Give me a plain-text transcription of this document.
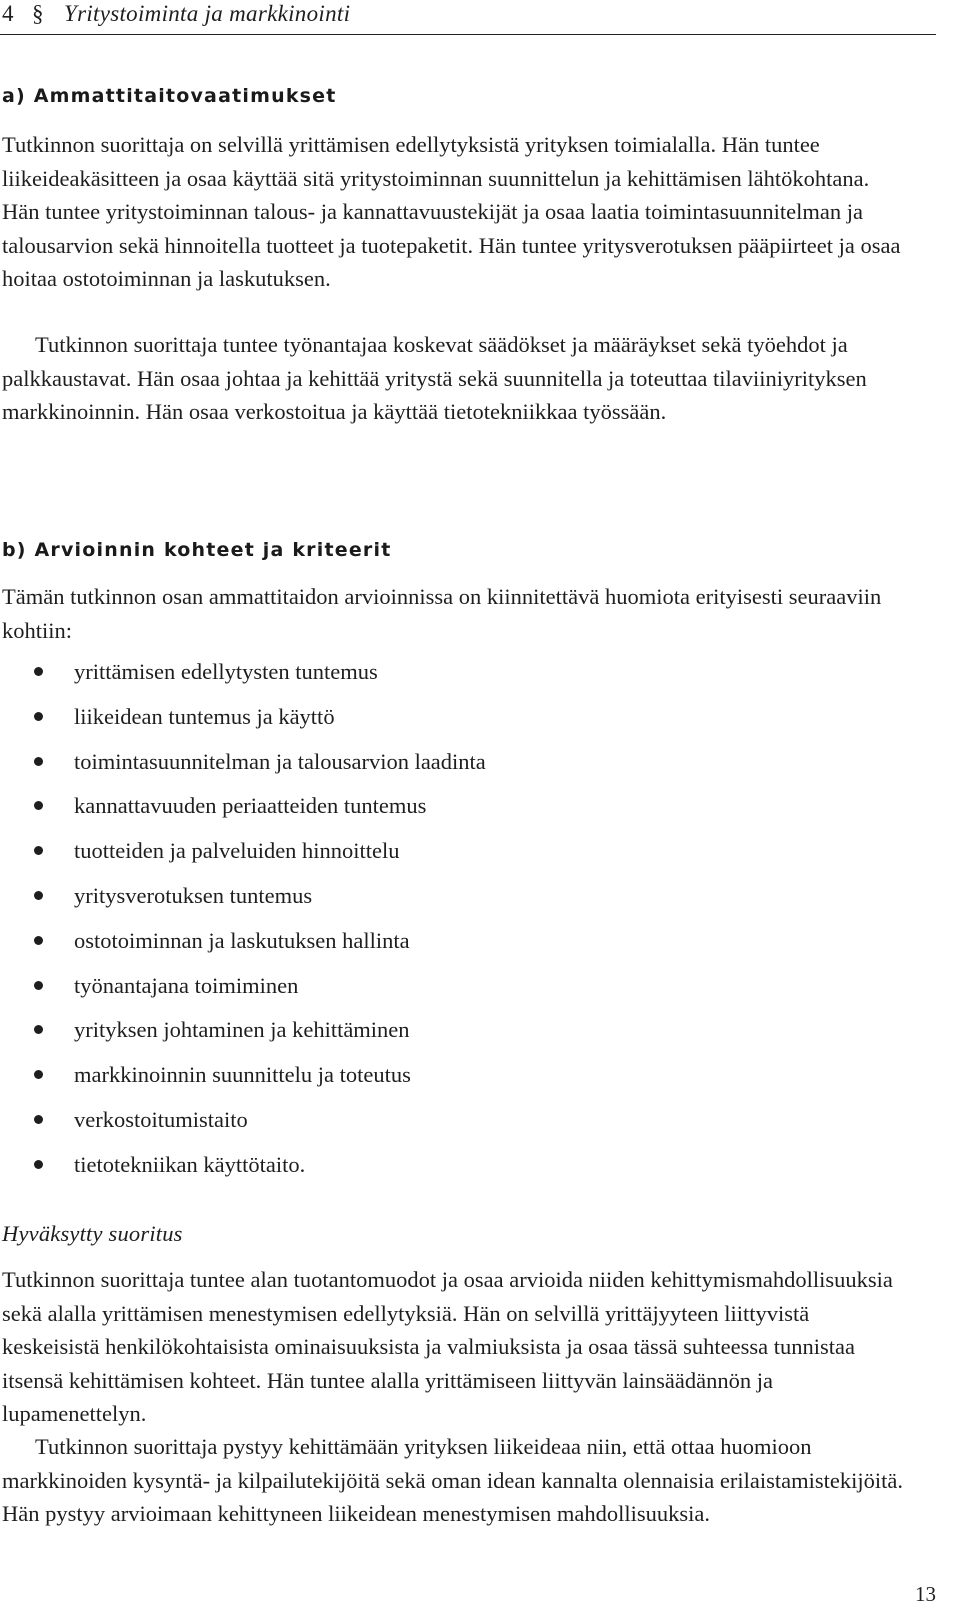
4 § Yritystoiminta ja markkinointi
a) Ammattitaitovaatimukset

Tutkinnon suorittaja on selvillä yrittämisen edellytyksistä yrityksen toimialalla. Hän tuntee liikeideakäsitteen ja osaa käyttää sitä yritystoiminnan suunnittelun ja kehittämisen lähtökohtana. Hän tuntee yritystoiminnan talous- ja kannattavuustekijät ja osaa laatia toimintasuunnitelman ja talousarvion sekä hinnoitella tuotteet ja tuotepaketit. Hän tuntee yritysverotuksen pääpiirteet ja osaa hoitaa ostotoiminnan ja laskutuksen.

Tutkinnon suorittaja tuntee työnantajaa koskevat säädökset ja määräykset sekä työehdot ja palkkaustavat. Hän osaa johtaa ja kehittää yritystä sekä suunnitella ja toteuttaa tilaviiniyrityksen markkinoinnin. Hän osaa verkostoitua ja käyttää tietotekniikkaa työssään.

b) Arvioinnin kohteet ja kriteerit

Tämän tutkinnon osan ammattitaidon arvioinnissa on kiinnitettävä huomiota erityisesti seuraaviin kohtiin:

yrittämisen edellytysten tuntemus
liikeidean tuntemus ja käyttö
toimintasuunnitelman ja talousarvion laadinta
kannattavuuden periaatteiden tuntemus
tuotteiden ja palveluiden hinnoittelu
yritysverotuksen tuntemus
ostotoiminnan ja laskutuksen hallinta
työnantajana toimiminen
yrityksen johtaminen ja kehittäminen
markkinoinnin suunnittelu ja toteutus
verkostoitumistaito
tietotekniikan käyttötaito.
Hyväksytty suoritus

Tutkinnon suorittaja tuntee alan tuotantomuodot ja osaa arvioida niiden kehittymismahdollisuuksia sekä alalla yrittämisen menestymisen edellytyksiä. Hän on selvillä yrittäjyyteen liittyvistä keskeisistä henkilökohtaisista ominaisuuksista ja valmiuksista ja osaa tässä suhteessa tunnistaa itsensä kehittämisen kohteet. Hän tuntee alalla yrittämiseen liittyvän lainsäädännön ja lupamenettelyn.

Tutkinnon suorittaja pystyy kehittämään yrityksen liikeideaa niin, että ottaa huomioon markkinoiden kysyntä- ja kilpailutekijöitä sekä oman idean kannalta olennaisia erilaistamistekijöitä. Hän pystyy arvioimaan kehittyneen liikeidean menestymisen mahdollisuuksia.

13
